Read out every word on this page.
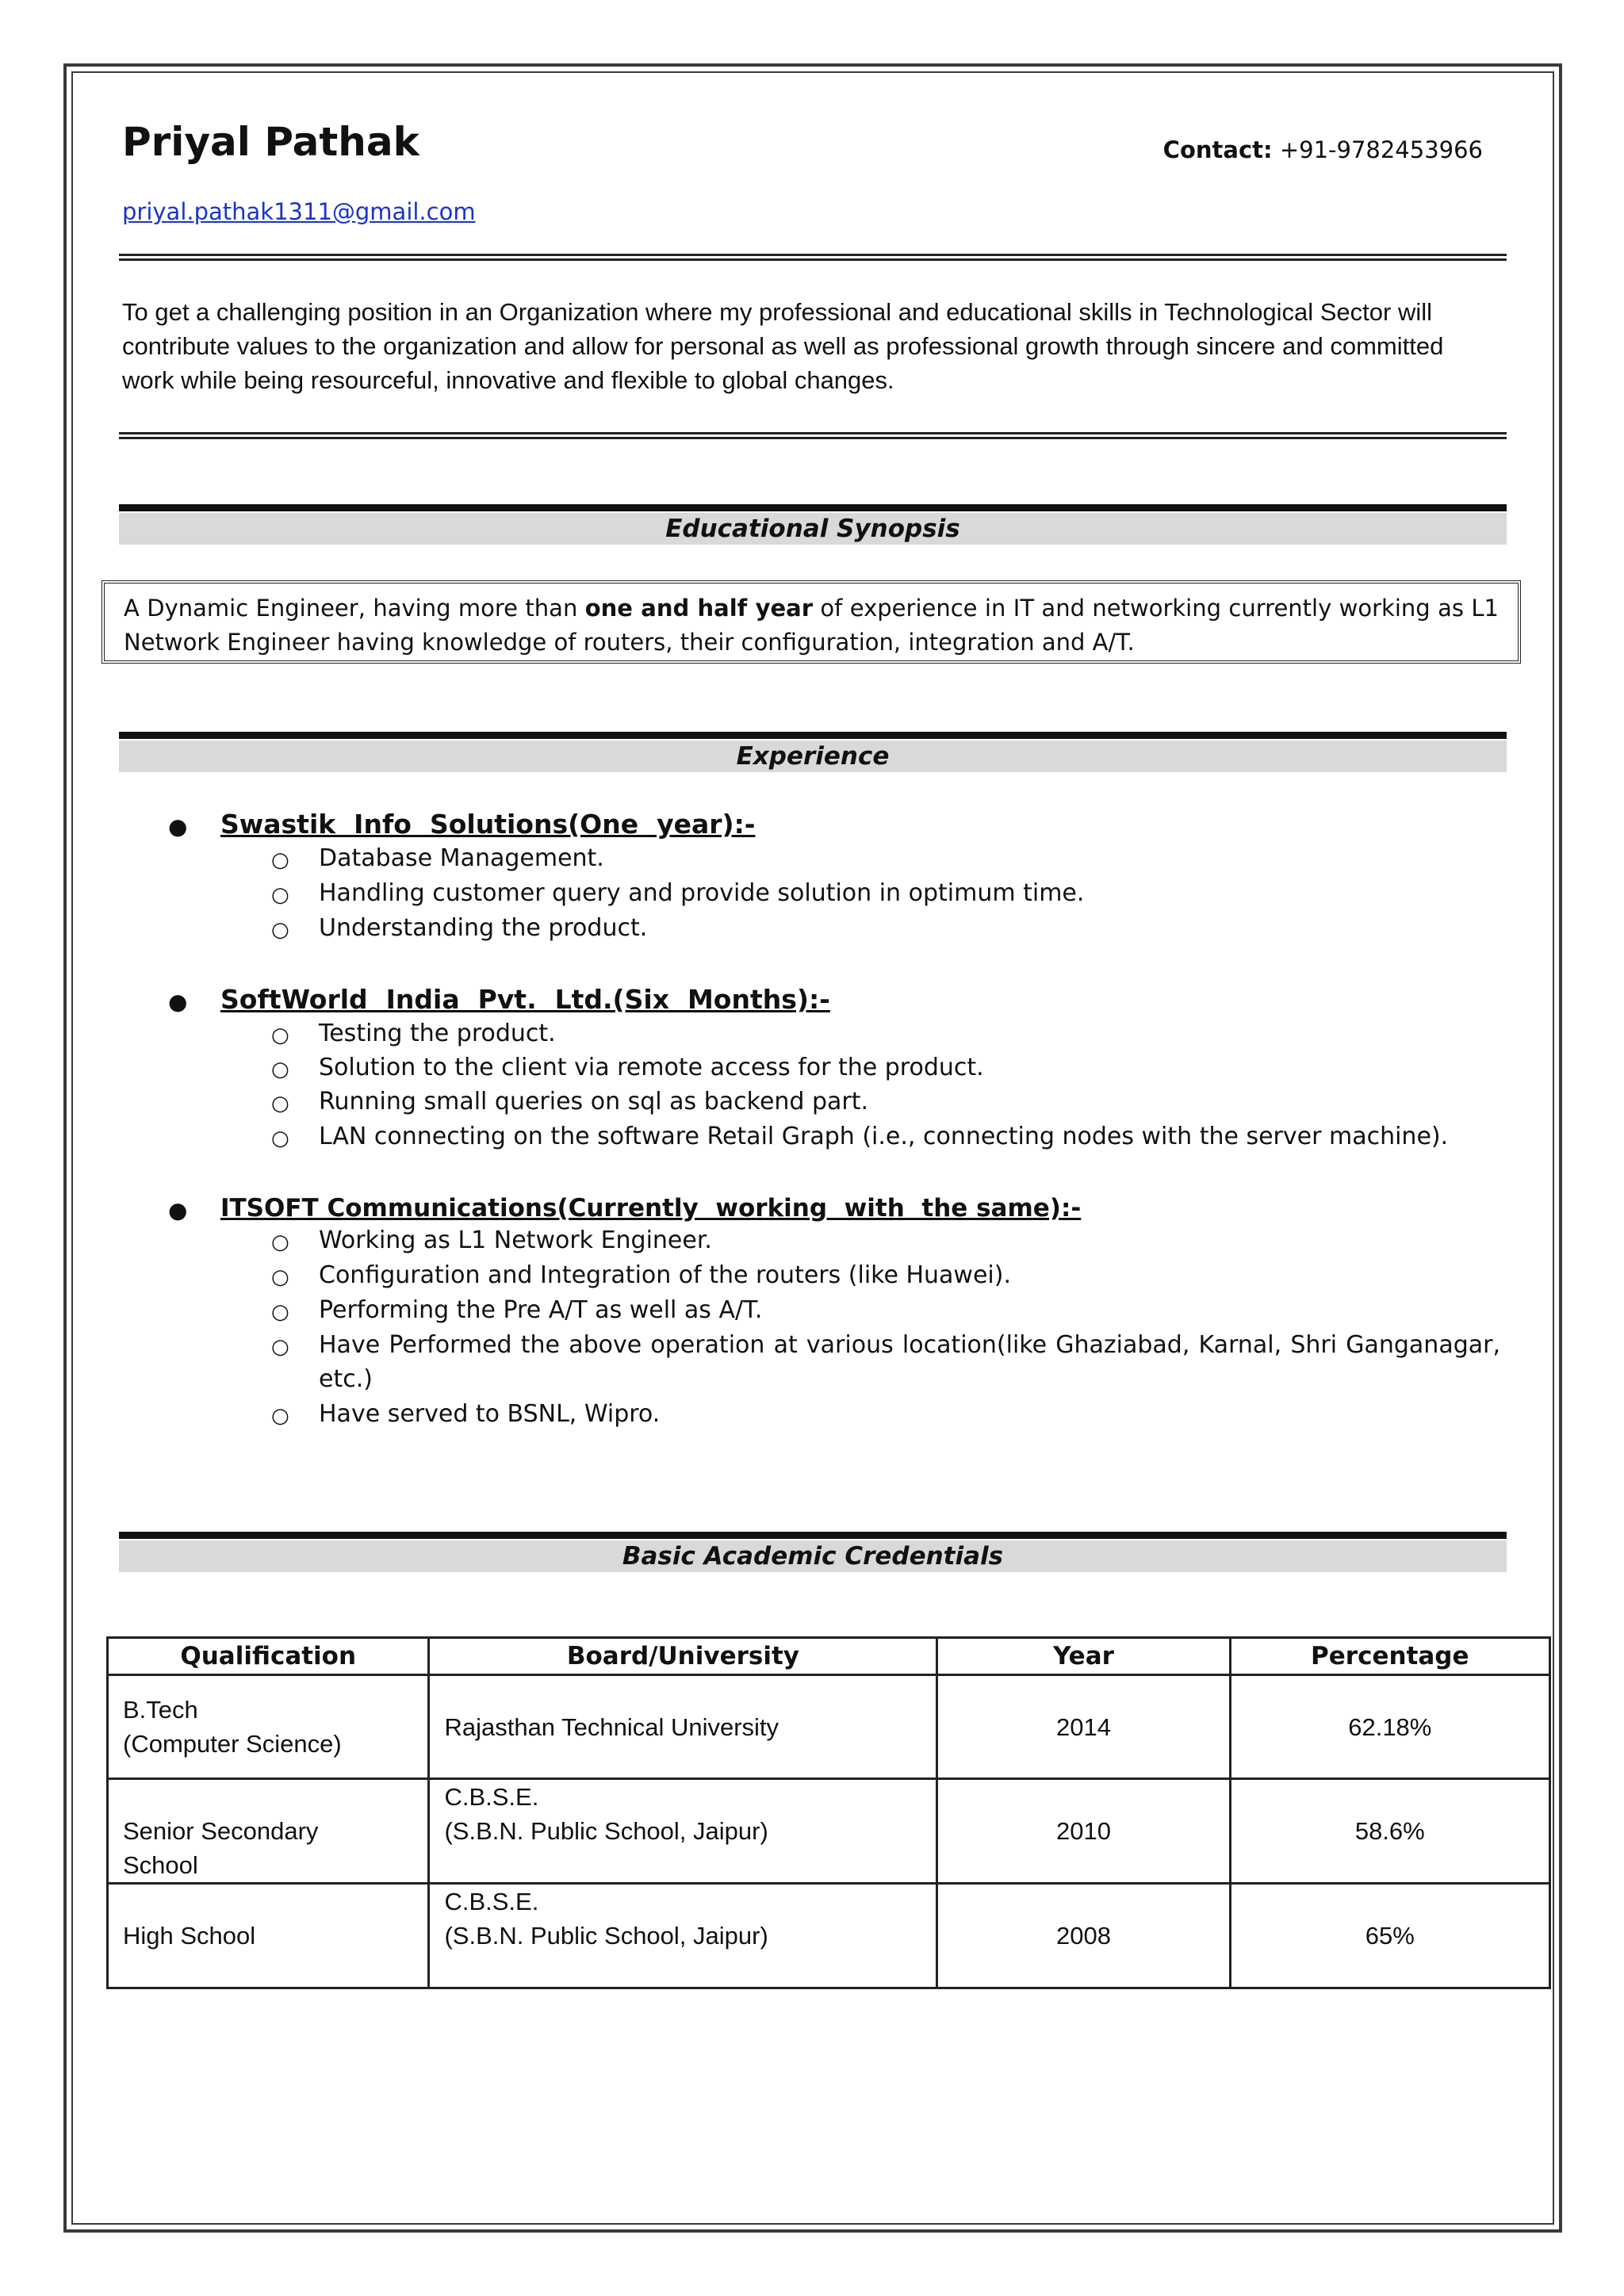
Priyal Pathak	Contact: +91-9782453966
priyal.pathak1311@gmail.com
To get a challenging position in an Organization where my professional and educational skills in Technological Sector will contribute values to the organization and allow for personal as well as professional growth through sincere and committed work while being resourceful, innovative and flexible to global changes.
Educational Synopsis
A Dynamic Engineer, having more than one and half year of experience in IT and networking currently working as L1 Network Engineer having knowledge of routers, their configuration, integration and A/T.
Experience
● Swastik  Info  Solutions(One  year):-
○ Database Management.
○ Handling customer query and provide solution in optimum time.
○ Understanding the product.
● SoftWorld  India  Pvt.  Ltd.(Six  Months):-
○ Testing the product.
○ Solution to the client via remote access for the product.
○ Running small queries on sql as backend part.
○ LAN connecting on the software Retail Graph (i.e., connecting nodes with the server machine).
● ITSOFT Communications(Currently  working  with  the same):-
○ Working as L1 Network Engineer.
○ Configuration and Integration of the routers (like Huawei).
○ Performing the Pre A/T as well as A/T.
○ Have Performed the above operation at various location(like Ghaziabad, Karnal, Shri Ganganagar, etc.)
○ Have served to BSNL, Wipro.
Basic Academic Credentials
Qualification	Board/University	Year	Percentage

B.Tech
(Computer Science)	Rajasthan Technical University	2014	62.18%

Senior Secondary
School	C.B.S.E.
(S.B.N. Public School, Jaipur)	2010	58.6%

High School	C.B.S.E.
(S.B.N. Public School, Jaipur)	2008	65%
